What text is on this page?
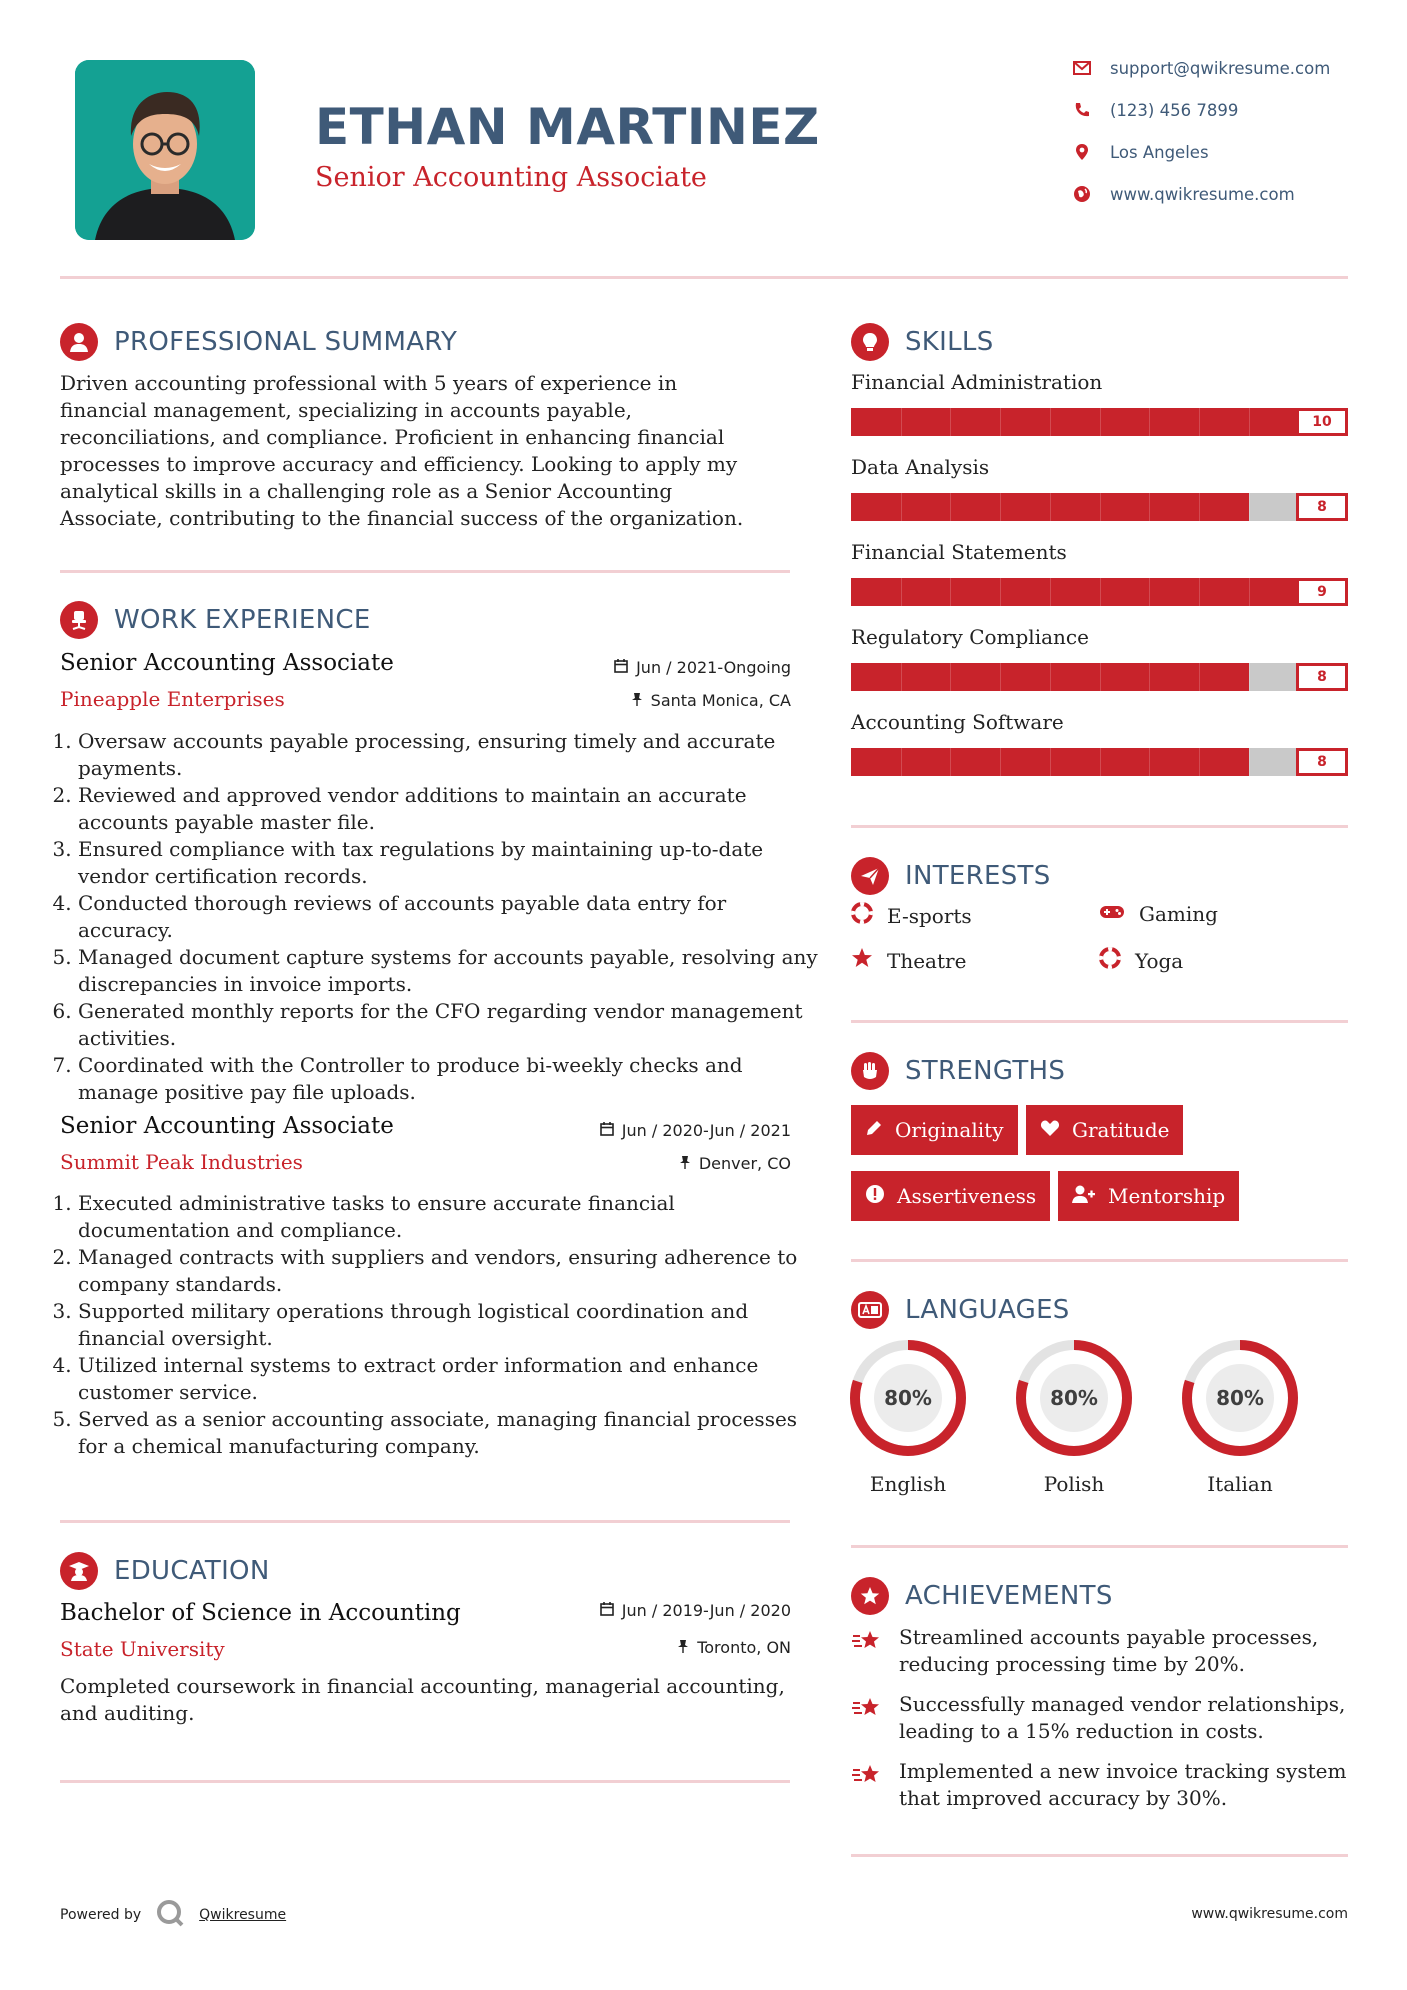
ETHAN MARTINEZ
Senior Accounting Associate
support@qwikresume.com
(123) 456 7899
Los Angeles
www.qwikresume.com
PROFESSIONAL SUMMARY
Driven accounting professional with 5 years of experience in financial management, specializing in accounts payable, reconciliations, and compliance. Proficient in enhancing financial processes to improve accuracy and efficiency. Looking to apply my analytical skills in a challenging role as a Senior Accounting Associate, contributing to the financial success of the organization.
WORK EXPERIENCE
Senior Accounting Associate	Jun / 2021-Ongoing
Pineapple Enterprises	Santa Monica, CA
1. Oversaw accounts payable processing, ensuring timely and accurate payments.
2. Reviewed and approved vendor additions to maintain an accurate accounts payable master file.
3. Ensured compliance with tax regulations by maintaining up-to-date vendor certification records.
4. Conducted thorough reviews of accounts payable data entry for accuracy.
5. Managed document capture systems for accounts payable, resolving any discrepancies in invoice imports.
6. Generated monthly reports for the CFO regarding vendor management activities.
7. Coordinated with the Controller to produce bi-weekly checks and manage positive pay file uploads.
Senior Accounting Associate	Jun / 2020-Jun / 2021
Summit Peak Industries	Denver, CO
1. Executed administrative tasks to ensure accurate financial documentation and compliance.
2. Managed contracts with suppliers and vendors, ensuring adherence to company standards.
3. Supported military operations through logistical coordination and financial oversight.
4. Utilized internal systems to extract order information and enhance customer service.
5. Served as a senior accounting associate, managing financial processes for a chemical manufacturing company.
EDUCATION
Bachelor of Science in Accounting	Jun / 2019-Jun / 2020
State University	Toronto, ON
Completed coursework in financial accounting, managerial accounting, and auditing.
SKILLS
Financial Administration
10
Data Analysis
8
Financial Statements
9
Regulatory Compliance
8
Accounting Software
8
INTERESTS
E-sports	Gaming
Theatre	Yoga
STRENGTHS
Originality	Gratitude
Assertiveness	Mentorship
LANGUAGES
80%
English
80%
Polish
80%
Italian
ACHIEVEMENTS
Streamlined accounts payable processes, reducing processing time by 20%.
Successfully managed vendor relationships, leading to a 15% reduction in costs.
Implemented a new invoice tracking system that improved accuracy by 30%.
Powered by	Qwikresume	www.qwikresume.com
